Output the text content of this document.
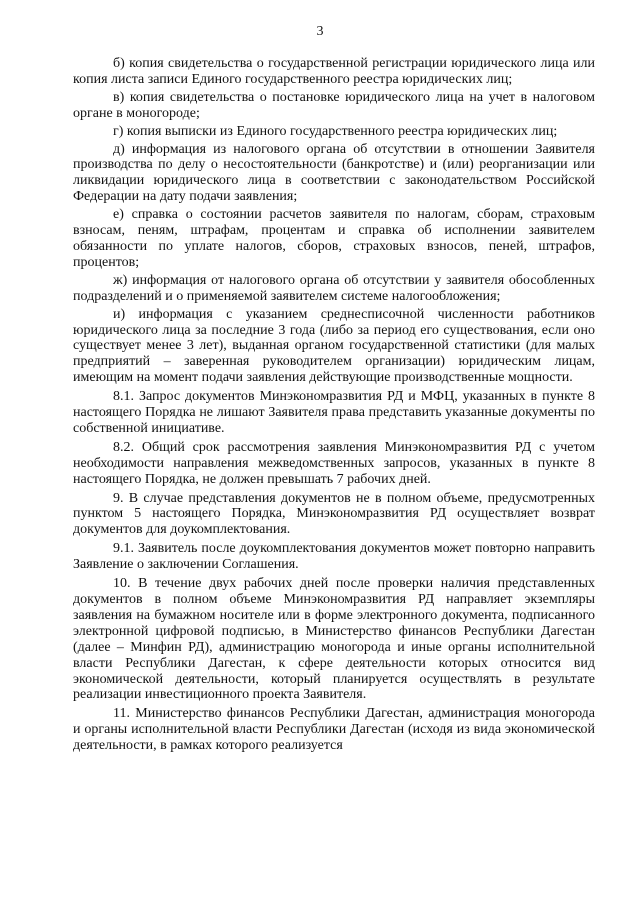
3

б) копия свидетельства о государственной регистрации юридического лица или копия листа записи Единого государственного реестра юридических лиц;

в) копия свидетельства о постановке юридического лица на учет в налоговом органе в моногороде;

г) копия выписки из Единого государственного реестра юридических лиц;

д) информация из налогового органа об отсутствии в отношении Заявителя производства по делу о несостоятельности (банкротстве) и (или) реорганизации или ликвидации юридического лица в соответствии с законодательством Российской Федерации на дату подачи заявления;

е) справка о состоянии расчетов заявителя по налогам, сборам, страховым взносам, пеням, штрафам, процентам и справка об исполнении заявителем обязанности по уплате налогов, сборов, страховых взносов, пеней, штрафов, процентов;

ж) информация от налогового органа об отсутствии у заявителя обособленных подразделений и о применяемой заявителем системе налогообложения;

и) информация с указанием среднесписочной численности работников юридического лица за последние 3 года (либо за период его существования, если оно существует менее 3 лет), выданная органом государственной статистики (для малых предприятий – заверенная руководителем организации) юридическим лицам, имеющим на момент подачи заявления действующие производственные мощности.

8.1. Запрос документов Минэкономразвития РД и МФЦ, указанных в пункте 8 настоящего Порядка не лишают Заявителя права представить указанные документы по собственной инициативе.

8.2. Общий срок рассмотрения заявления Минэкономразвития РД с учетом необходимости направления межведомственных запросов, указанных в пункте 8 настоящего Порядка, не должен превышать 7 рабочих дней.

9. В случае представления документов не в полном объеме, предусмотренных пунктом 5 настоящего Порядка, Минэкономразвития РД осуществляет возврат документов для доукомплектования.

9.1. Заявитель после доукомплектования документов может повторно направить Заявление о заключении Соглашения.

10. В течение двух рабочих дней после проверки наличия представленных документов в полном объеме Минэкономразвития РД направляет экземпляры заявления на бумажном носителе или в форме электронного документа, подписанного электронной цифровой подписью, в Министерство финансов Республики Дагестан (далее – Минфин РД), администрацию моногорода и иные органы исполнительной власти Республики Дагестан, к сфере деятельности которых относится вид экономической деятельности, который планируется осуществлять в результате реализации инвестиционного проекта Заявителя.

11. Министерство финансов Республики Дагестан, администрация моногорода и органы исполнительной власти Республики Дагестан (исходя из вида экономической деятельности, в рамках которого реализуется
